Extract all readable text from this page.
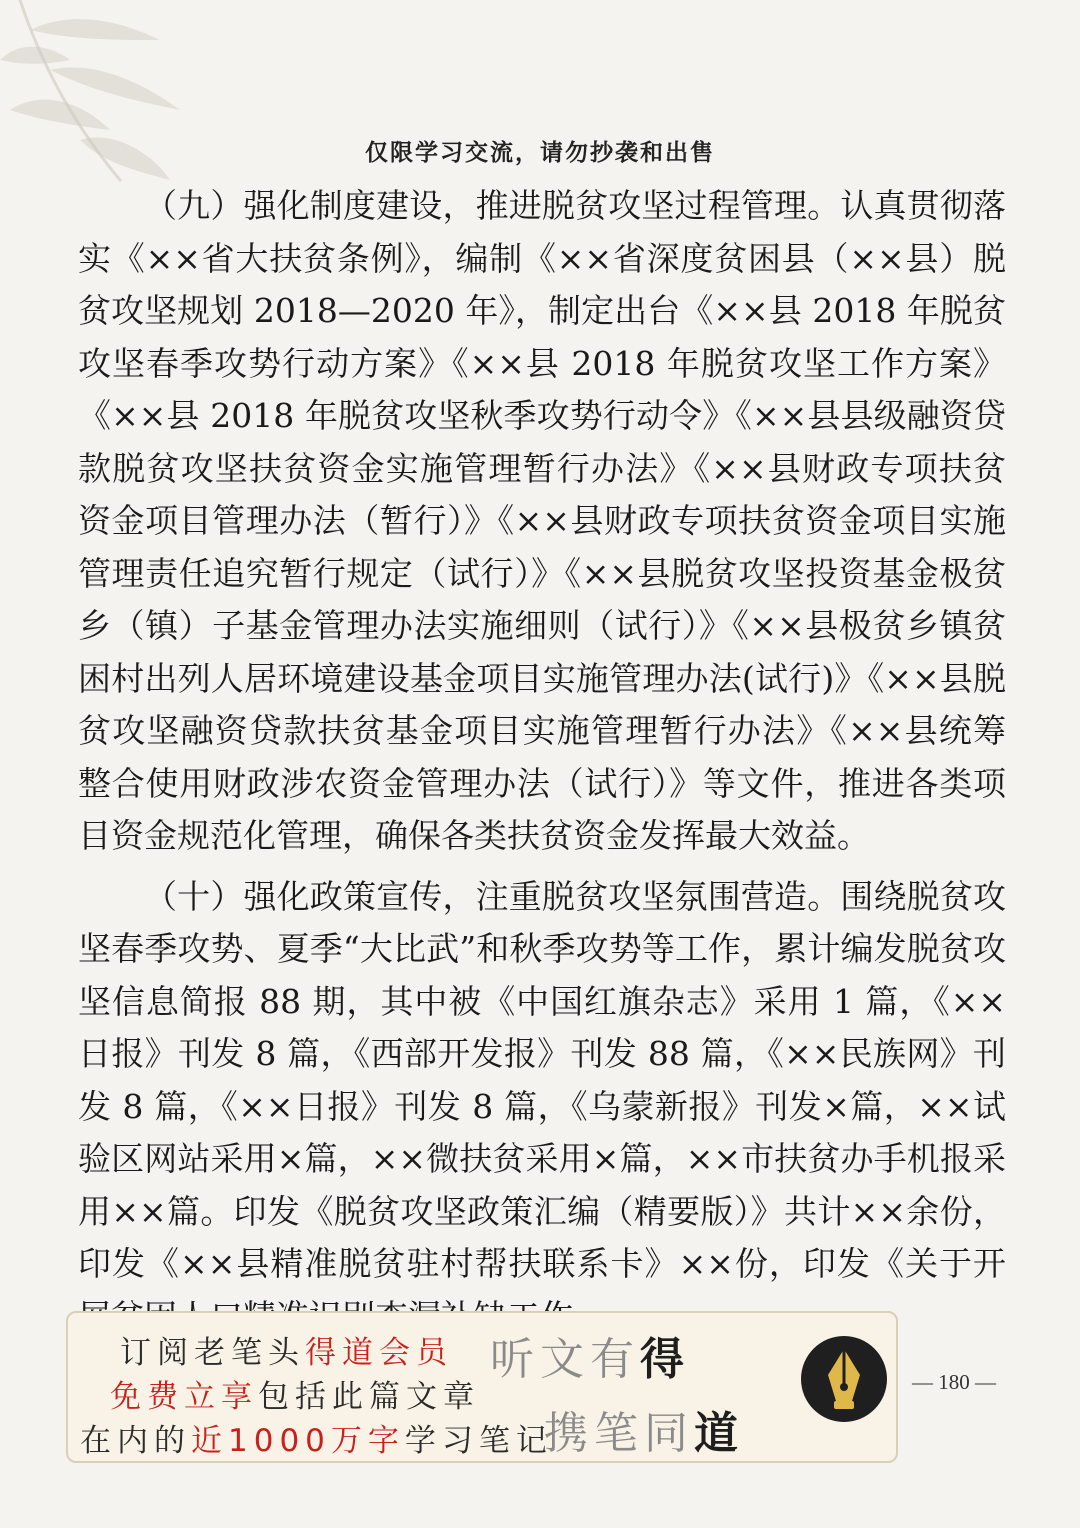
仅限学习交流，请勿抄袭和出售

（九）强化制度建设，推进脱贫攻坚过程管理。认真贯彻落实《××省大扶贫条例》，编制《××省深度贫困县（××县）脱贫攻坚规划 2018—2020 年》，制定出台《××县 2018 年脱贫攻坚春季攻势行动方案》《××县 2018 年脱贫攻坚工作方案》《××县 2018 年脱贫攻坚秋季攻势行动令》《××县县级融资贷款脱贫攻坚扶贫资金实施管理暂行办法》《××县财政专项扶贫资金项目管理办法（暂行）》《××县财政专项扶贫资金项目实施管理责任追究暂行规定（试行）》《××县脱贫攻坚投资基金极贫乡（镇）子基金管理办法实施细则（试行）》《××县极贫乡镇贫困村出列人居环境建设基金项目实施管理办法(试行)》《××县脱贫攻坚融资贷款扶贫基金项目实施管理暂行办法》《××县统筹整合使用财政涉农资金管理办法（试行）》等文件，推进各类项目资金规范化管理，确保各类扶贫资金发挥最大效益。

（十）强化政策宣传，注重脱贫攻坚氛围营造。围绕脱贫攻坚春季攻势、夏季“大比武”和秋季攻势等工作，累计编发脱贫攻坚信息简报 88 期，其中被《中国红旗杂志》采用 1 篇，《××日报》刊发 8 篇，《西部开发报》刊发 88 篇，《××民族网》刊发 8 篇，《××日报》刊发 8 篇，《乌蒙新报》刊发×篇，××试验区网站采用×篇，××微扶贫采用×篇，××市扶贫办手机报采用××篇。印发《脱贫攻坚政策汇编（精要版）》共计××余份，印发《××县精准脱贫驻村帮扶联系卡》××份，印发《关于开

订阅老笔头得道会员
免费立享包括此篇文章
在内的近1000万字学习笔记
听文有得
携笔同道
— 180 —
